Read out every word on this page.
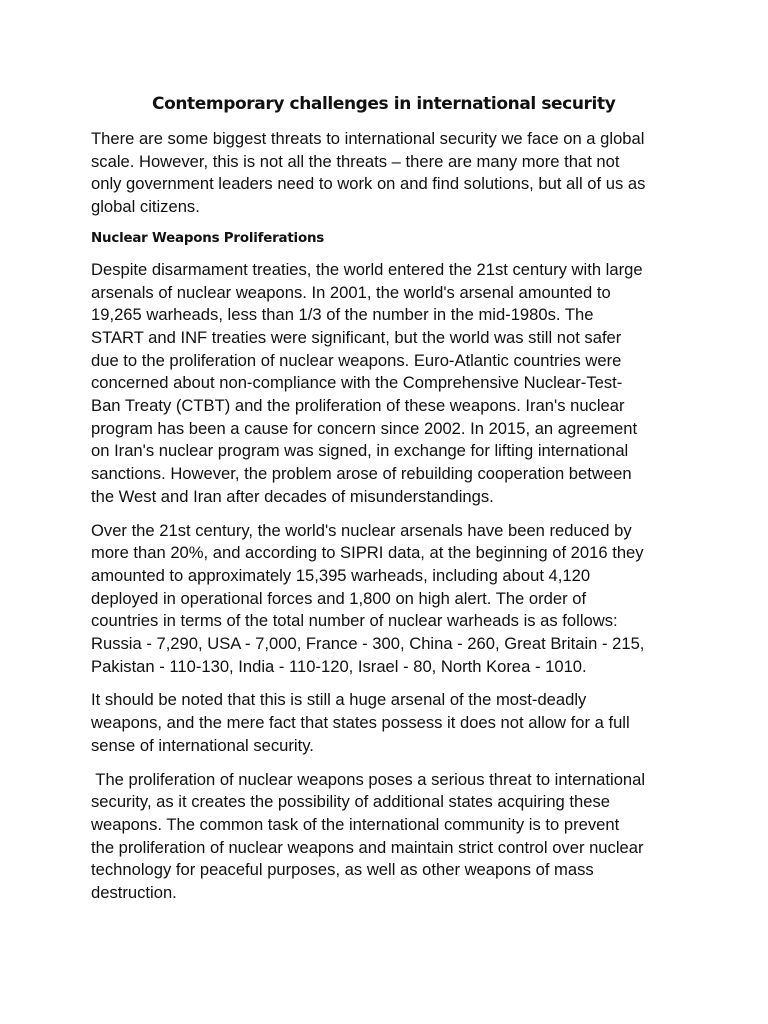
Contemporary challenges in international security

There are some biggest threats to international security we face on a global
scale. However, this is not all the threats – there are many more that not
only government leaders need to work on and find solutions, but all of us as
global citizens.

Nuclear Weapons Proliferations

Despite disarmament treaties, the world entered the 21st century with large
arsenals of nuclear weapons. In 2001, the world's arsenal amounted to
19,265 warheads, less than 1/3 of the number in the mid-1980s. The
START and INF treaties were significant, but the world was still not safer
due to the proliferation of nuclear weapons. Euro-Atlantic countries were
concerned about non-compliance with the Comprehensive Nuclear-Test-
Ban Treaty (CTBT) and the proliferation of these weapons. Iran's nuclear
program has been a cause for concern since 2002. In 2015, an agreement
on Iran's nuclear program was signed, in exchange for lifting international
sanctions. However, the problem arose of rebuilding cooperation between
the West and Iran after decades of misunderstandings.

Over the 21st century, the world's nuclear arsenals have been reduced by
more than 20%, and according to SIPRI data, at the beginning of 2016 they
amounted to approximately 15,395 warheads, including about 4,120
deployed in operational forces and 1,800 on high alert. The order of
countries in terms of the total number of nuclear warheads is as follows:
Russia - 7,290, USA - 7,000, France - 300, China - 260, Great Britain - 215,
Pakistan - 110-130, India - 110-120, Israel - 80, North Korea - 1010.

It should be noted that this is still a huge arsenal of the most-deadly
weapons, and the mere fact that states possess it does not allow for a full
sense of international security.

The proliferation of nuclear weapons poses a serious threat to international
security, as it creates the possibility of additional states acquiring these
weapons. The common task of the international community is to prevent
the proliferation of nuclear weapons and maintain strict control over nuclear
technology for peaceful purposes, as well as other weapons of mass
destruction.
